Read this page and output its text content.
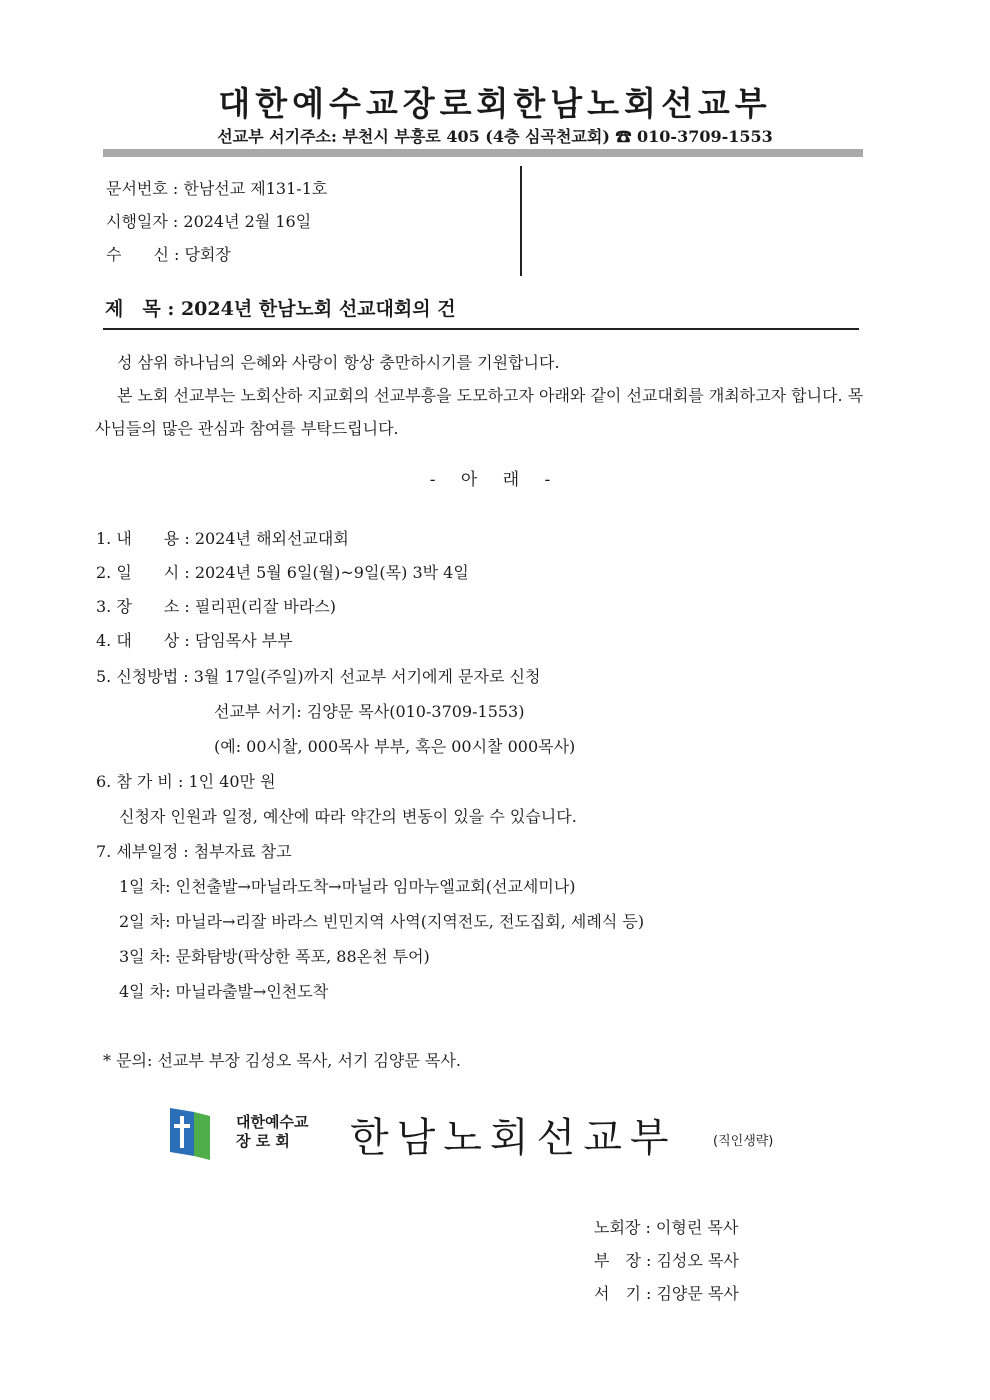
대한예수교장로회한남노회선교부
선교부 서기주소: 부천시 부흥로 405 (4층 심곡천교회) ☎ 010-3709-1553
문서번호 : 한남선교 제131-1호
시행일자 : 2024년 2월 16일
수　　신 : 당회장
제　목 : 2024년 한남노회 선교대회의 건

성 삼위 하나님의 은혜와 사랑이 항상 충만하시기를 기원합니다.

본 노회 선교부는 노회산하 지교회의 선교부흥을 도모하고자 아래와 같이 선교대회를 개최하고자 합니다. 목사님들의 많은 관심과 참여를 부탁드립니다.

- 아 래 -
1. 내　　용 : 2024년 해외선교대회
2. 일　　시 : 2024년 5월 6일(월)~9일(목) 3박 4일
3. 장　　소 : 필리핀(리잘 바라스)
4. 대　　상 : 담임목사 부부
5. 신청방법 : 3월 17일(주일)까지 선교부 서기에게 문자로 신청
선교부 서기: 김양문 목사(010-3709-1553)
(예: 00시찰, 000목사 부부, 혹은 00시찰 000목사)
6. 참 가 비 : 1인 40만 원
신청자 인원과 일정, 예산에 따라 약간의 변동이 있을 수 있습니다.
7. 세부일정 : 첨부자료 참고
1일 차: 인천출발→마닐라도착→마닐라 임마누엘교회(선교세미나)
2일 차: 마닐라→리잘 바라스 빈민지역 사역(지역전도, 전도집회, 세례식 등)
3일 차: 문화탐방(팍상한 폭포, 88온천 투어)
4일 차: 마닐라출발→인천도착
* 문의: 선교부 부장 김성오 목사, 서기 김양문 목사.
대한예수교
장 로 회	한남노회선교부	(직인생략)
노회장 : 이형린 목사
부　장 : 김성오 목사
서　기 : 김양문 목사
